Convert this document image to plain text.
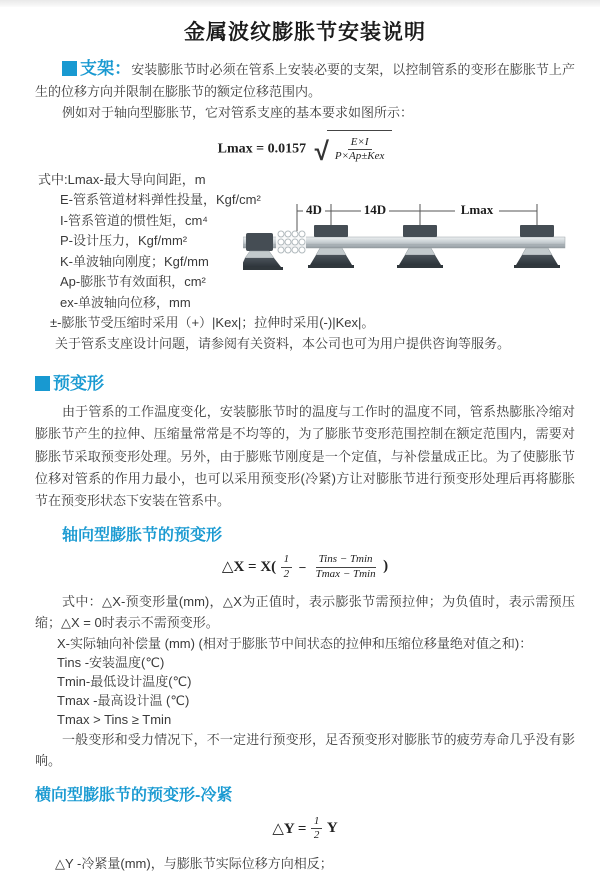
金属波纹膨胀节安装说明

支架：安装膨胀节时必须在管系上安装必要的支架，以控制管系的变形在膨胀节上产生的位移方向并限制在膨胀节的额定位移范围内。

例如对于轴向型膨胀节，它对管系支座的基本要求如图所示：

Lmax = 0.0157 √ $\frac{E\times I}{\text{P×Ap±Kex}}$
式中:Lmax-最大导向间距，m
E-管系管道材料弹性投量，Kgf/cm²
I-管系管道的惯性矩，cm⁴
P-设计压力，Kgf/mm²
K-单波轴向刚度；Kgf/mm
Ap-膨胀节有效面积，cm²
ex-单波轴向位移，mm
±-膨胀节受压缩时采用（+）|Kex|；拉伸时采用(-)|Kex|。
关于管系支座设计问题，请参阅有关资料，本公司也可为用户提供咨询等服务。
预变形

由于管系的工作温度变化，安装膨胀节时的温度与工作时的温度不同，管系热膨胀冷缩对膨胀节产生的拉伸、压缩量常常是不均等的，为了膨胀节变形范围控制在额定范围内，需要对膨胀节采取预变形处理。另外，由于膨账节刚度是一个定值，与补偿量成正比。为了使膨胀节位移对管系的作用力最小，也可以采用预变形(冷紧)方让对膨胀节进行预变形处理后再将膨胀节在预变形状态下安装在管系中。

轴向型膨胀节的预变形
△X = $X( \frac{1}{2} - \frac{\text{Tins − Tmin}}{Tmax - Tmin}$ )

式中：△X-预变形量(mm)，△X为正值时，表示膨张节需预拉伸；为负值时，表示需预压缩；△X = 0时表示不需预变形。

X-实际轴向补偿量 (mm) (相对于膨胀节中间状态的拉伸和压缩位移量绝对值之和)：
Tins -安装温度(℃)
Tmin-最低设计温度(℃)
Tmax -最高设计温 (℃)
Tmax > Tins ≥ Tmin

一般变形和受力情况下，不一定进行预变形，足否预变形对膨胀节的疲劳寿命几乎没有影响。

横向型膨胀节的预变形-冷紧
△Y = $\frac{1}{2}$ Y

△Y -冷紧量(mm)，与膨胀节实际位移方向相反；

4D	14D	Lmax
